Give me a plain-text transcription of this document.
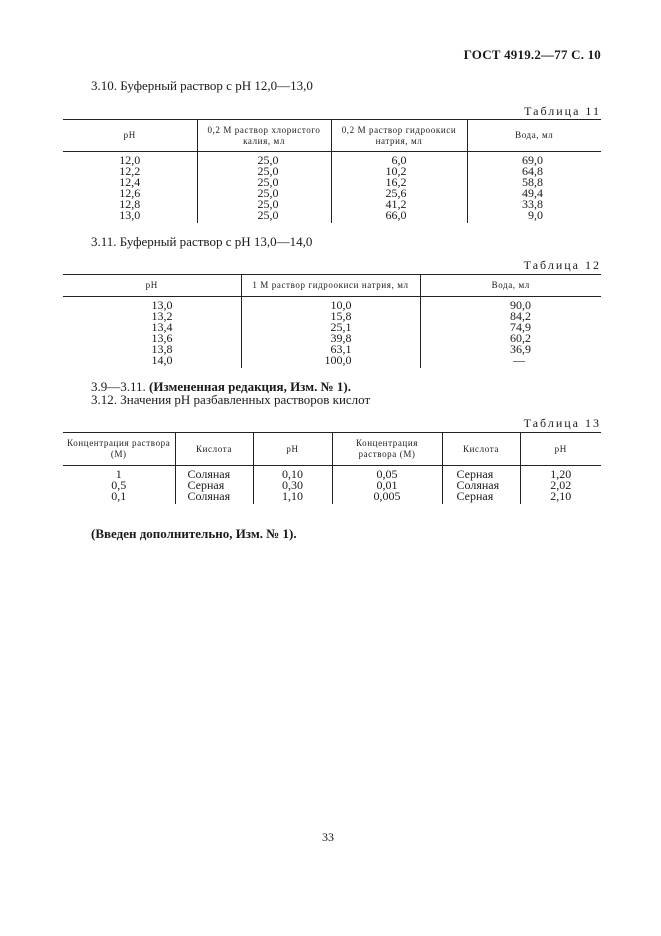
ГОСТ 4919.2—77 С. 10
3.10. Буферный раствор с рН 12,0—13,0
Таблица 11
рН	0,2 М раствор хлористого калия, мл	0,2 М раствор гидроокиси натрия, мл	Вода, мл
12,0	25,0	6,0	69,0
12,2	25,0	10,2	64,8
12,4	25,0	16,2	58,8
12,6	25,0	25,6	49,4
12,8	25,0	41,2	33,8
13,0	25,0	66,0	9,0
3.11. Буферный раствор с рН 13,0—14,0
Таблица 12
рН	1 М раствор гидроокиси натрия, мл	Вода, мл
13,0	10,0	90,0
13,2	15,8	84,2
13,4	25,1	74,9
13,6	39,8	60,2
13,8	63,1	36,9
14,0	100,0	—
3.9—3.11. (Измененная редакция, Изм. № 1).
3.12. Значения рН разбавленных растворов кислот
Таблица 13
Концентрация раствора (М)	Кислота	рН	Концентрация раствора (М)	Кислота	рН
1	Соляная	0,10	0,05	Серная	1,20
0,5	Серная	0,30	0,01	Соляная	2,02
0,1	Соляная	1,10	0,005	Серная	2,10
(Введен дополнительно, Изм. № 1).
33
